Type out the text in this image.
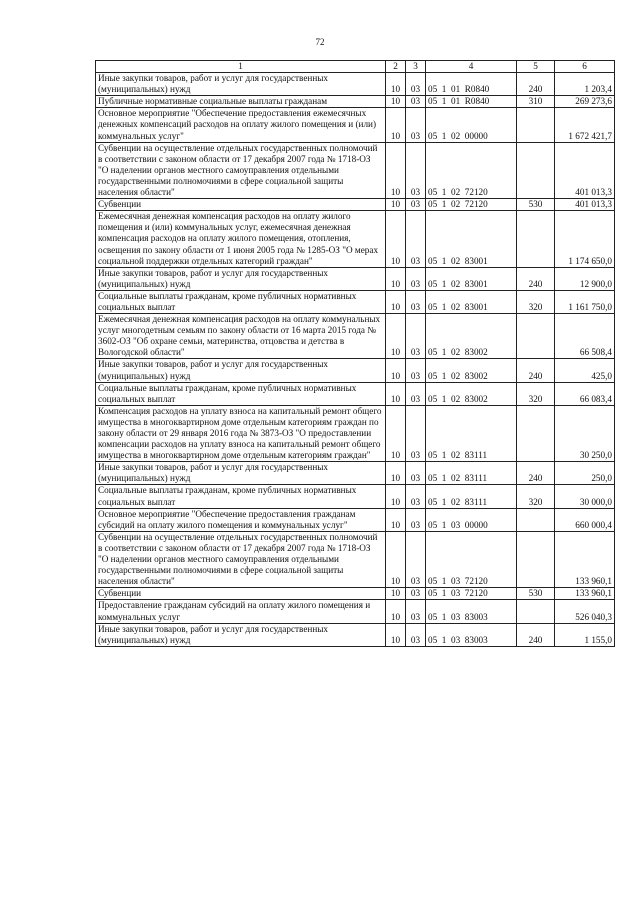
72
1	2	3	4	5	6
Иные закупки товаров, работ и услуг для государственных (муниципальных) нужд	10	03	05  1  01  R0840	240	1 203,4
Публичные нормативные социальные выплаты гражданам	10	03	05  1  01  R0840	310	269 273,6
Основное мероприятие "Обеспечение предоставления ежемесячных денежных компенсаций расходов на оплату жилого помещения и (или) коммунальных услуг"	10	03	05  1  02  00000		1 672 421,7
Субвенции на осуществление отдельных государственных полномочий в соответствии с законом области от 17 декабря 2007 года № 1718-ОЗ "О наделении органов местного самоуправления отдельными государственными полномочиями в сфере социальной защиты населения области"	10	03	05  1  02  72120		401 013,3
Субвенции	10	03	05  1  02  72120	530	401 013,3
Ежемесячная денежная компенсация расходов на оплату жилого помещения и (или) коммунальных услуг, ежемесячная денежная компенсация расходов на оплату жилого помещения, отопления, освещения по закону области от 1 июня 2005 года № 1285-ОЗ "О мерах социальной поддержки отдельных категорий граждан"	10	03	05  1  02  83001		1 174 650,0
Иные закупки товаров, работ и услуг для государственных (муниципальных) нужд	10	03	05  1  02  83001	240	12 900,0
Социальные выплаты гражданам, кроме публичных нормативных социальных выплат	10	03	05  1  02  83001	320	1 161 750,0
Ежемесячная денежная компенсация расходов на оплату коммунальных услуг многодетным семьям по закону области от 16 марта 2015 года № 3602-ОЗ "Об охране семьи, материнства, отцовства и детства в Вологодской области"	10	03	05  1  02  83002		66 508,4
Иные закупки товаров, работ и услуг для государственных (муниципальных) нужд	10	03	05  1  02  83002	240	425,0
Социальные выплаты гражданам, кроме публичных нормативных социальных выплат	10	03	05  1  02  83002	320	66 083,4
Компенсация расходов на уплату взноса на капитальный ремонт общего имущества в многоквартирном доме отдельным категориям граждан по закону области от 29 января 2016 года № 3873-ОЗ "О предоставлении компенсации расходов на уплату взноса на капитальный ремонт общего имущества в многоквартирном доме отдельным категориям граждан"	10	03	05  1  02  83111		30 250,0
Иные закупки товаров, работ и услуг для государственных (муниципальных) нужд	10	03	05  1  02  83111	240	250,0
Социальные выплаты гражданам, кроме публичных нормативных социальных выплат	10	03	05  1  02  83111	320	30 000,0
Основное мероприятие "Обеспечение предоставления гражданам субсидий на оплату жилого помещения и коммунальных услуг"	10	03	05  1  03  00000		660 000,4
Субвенции на осуществление отдельных государственных полномочий в соответствии с законом области от 17 декабря 2007 года № 1718-ОЗ "О наделении органов местного самоуправления отдельными государственными полномочиями в сфере социальной защиты населения области"	10	03	05  1  03  72120		133 960,1
Субвенции	10	03	05  1  03  72120	530	133 960,1
Предоставление гражданам субсидий на оплату жилого помещения и коммунальных услуг	10	03	05  1  03  83003		526 040,3
Иные закупки товаров, работ и услуг для государственных (муниципальных) нужд	10	03	05  1  03  83003	240	1 155,0
